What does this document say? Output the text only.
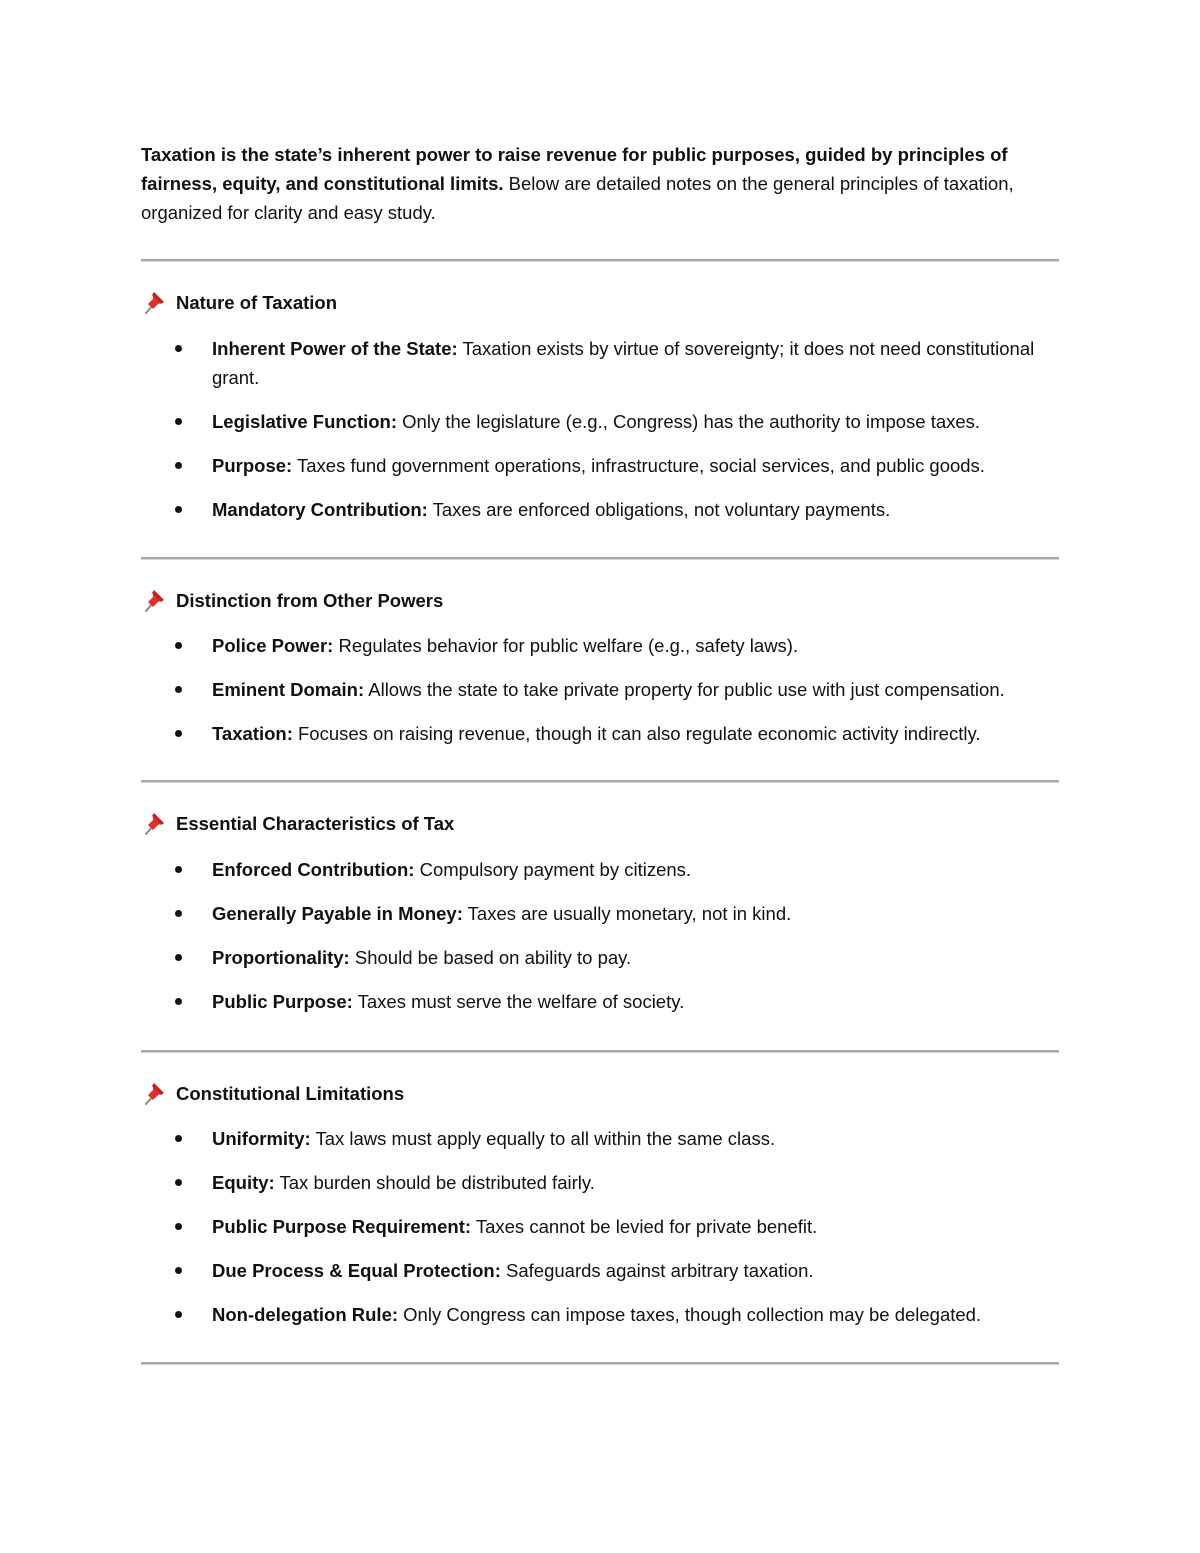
Taxation is the state’s inherent power to raise revenue for public purposes, guided by principles of fairness, equity, and constitutional limits. Below are detailed notes on the general principles of taxation, organized for clarity and easy study.

Nature of Taxation
Inherent Power of the State: Taxation exists by virtue of sovereignty; it does not need constitutional grant.
Legislative Function: Only the legislature (e.g., Congress) has the authority to impose taxes.
Purpose: Taxes fund government operations, infrastructure, social services, and public goods.
Mandatory Contribution: Taxes are enforced obligations, not voluntary payments.
Distinction from Other Powers
Police Power: Regulates behavior for public welfare (e.g., safety laws).
Eminent Domain: Allows the state to take private property for public use with just compensation.
Taxation: Focuses on raising revenue, though it can also regulate economic activity indirectly.
Essential Characteristics of Tax
Enforced Contribution: Compulsory payment by citizens.
Generally Payable in Money: Taxes are usually monetary, not in kind.
Proportionality: Should be based on ability to pay.
Public Purpose: Taxes must serve the welfare of society.
Constitutional Limitations
Uniformity: Tax laws must apply equally to all within the same class.
Equity: Tax burden should be distributed fairly.
Public Purpose Requirement: Taxes cannot be levied for private benefit.
Due Process & Equal Protection: Safeguards against arbitrary taxation.
Non-delegation Rule: Only Congress can impose taxes, though collection may be delegated.
